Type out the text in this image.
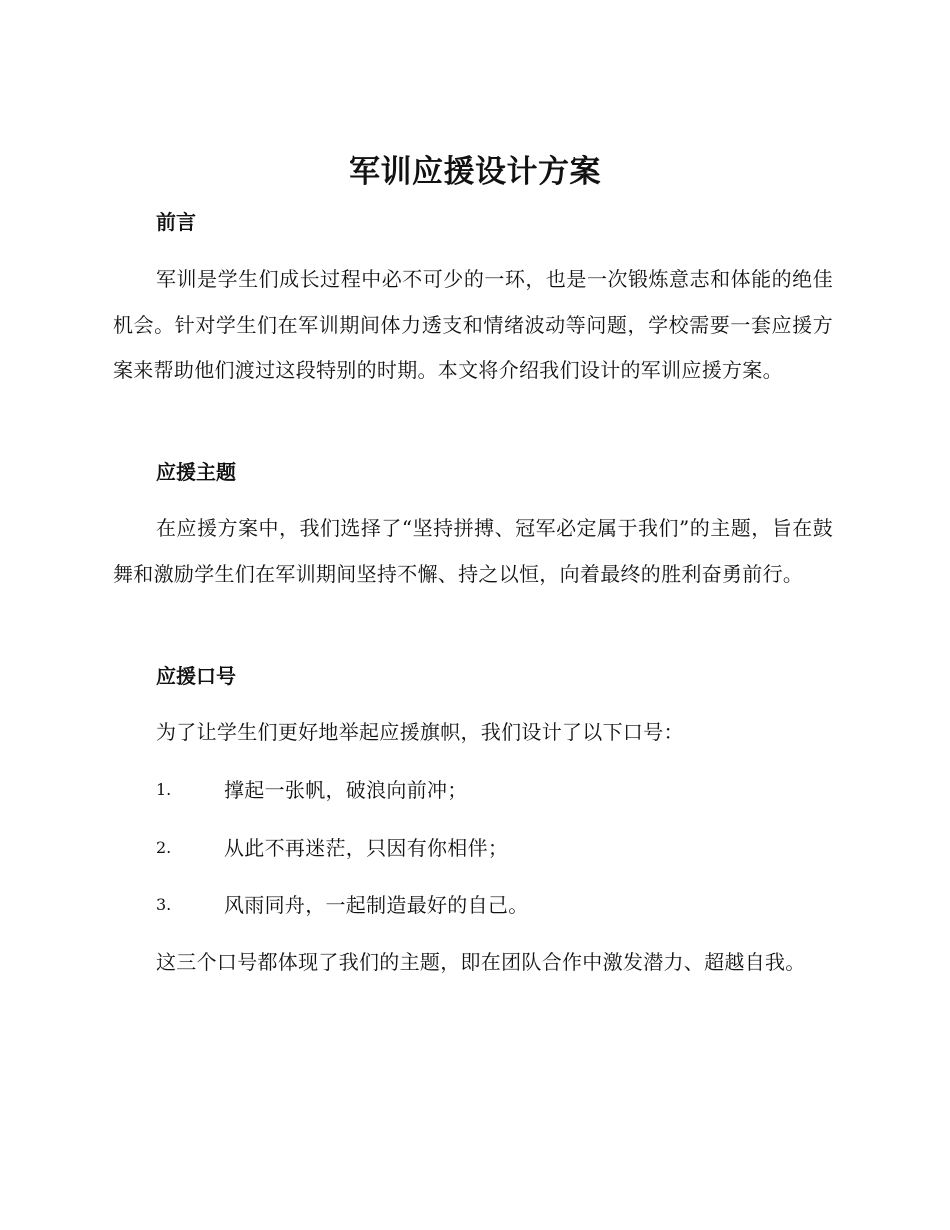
军训应援设计方案
前言

军训是学生们成长过程中必不可少的一环，也是一次锻炼意志和体能的绝佳机会。针对学生们在军训期间体力透支和情绪波动等问题，学校需要一套应援方案来帮助他们渡过这段特别的时期。本文将介绍我们设计的军训应援方案。

应援主题

在应援方案中，我们选择了“坚持拼搏、冠军必定属于我们”的主题，旨在鼓舞和激励学生们在军训期间坚持不懈、持之以恒，向着最终的胜利奋勇前行。

应援口号

为了让学生们更好地举起应援旗帜，我们设计了以下口号：

1.	撑起一张帆，破浪向前冲；
2.	从此不再迷茫，只因有你相伴；
3.	风雨同舟，一起制造最好的自己。

这三个口号都体现了我们的主题，即在团队合作中激发潜力、超越自我。
